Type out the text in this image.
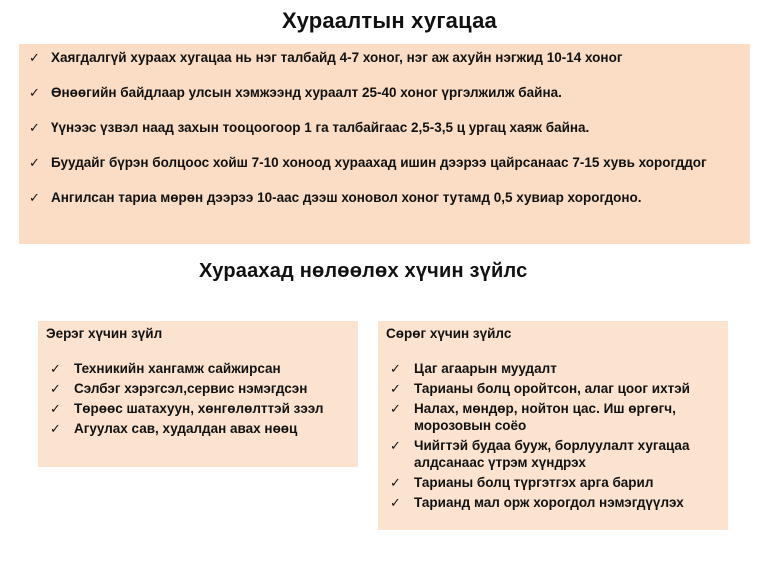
Хураалтын хугацаа
✓ Хаягдалгүй хураах хугацаа нь нэг талбайд 4-7 хоног, нэг аж ахуйн нэгжид 10-14 хоног
✓ Өнөөгийн байдлаар улсын хэмжээнд хураалт 25-40 хоног үргэлжилж байна.
✓ Үүнээс үзвэл наад захын тооцоогоор 1 га талбайгаас 2,5-3,5 ц ургац хаяж байна.
✓ Буудайг бүрэн болцоос хойш 7-10 хоноод хураахад ишин дээрээ цайрсанаас 7-15 хувь хорогддог
✓ Ангилсан тариа мөрөн дээрээ 10-аас дээш хоновол хоног тутамд 0,5 хувиар хорогдоно.
Хураахад нөлөөлөх хүчин зүйлс
Эерэг хүчин зүйл
✓ Техникийн хангамж сайжирсан
✓ Сэлбэг хэрэгсэл,сервис нэмэгдсэн
✓ Төрөөс шатахуун, хөнгөлөлттэй зээл
✓ Агуулах сав, худалдан авах нөөц
Сөрөг хүчин зүйлс
✓ Цаг агаарын муудалт
✓ Тарианы болц оройтсон, алаг цоог ихтэй
✓ Налах, мөндөр, нойтон цас. Иш өргөгч, морозовын соёо
✓ Чийгтэй будаа бууж, борлуулалт хугацаа алдсанаас үтрэм хүндрэх
✓ Тарианы болц түргэтгэх арга барил
✓ Тарианд мал орж хорогдол нэмэгдүүлэх
